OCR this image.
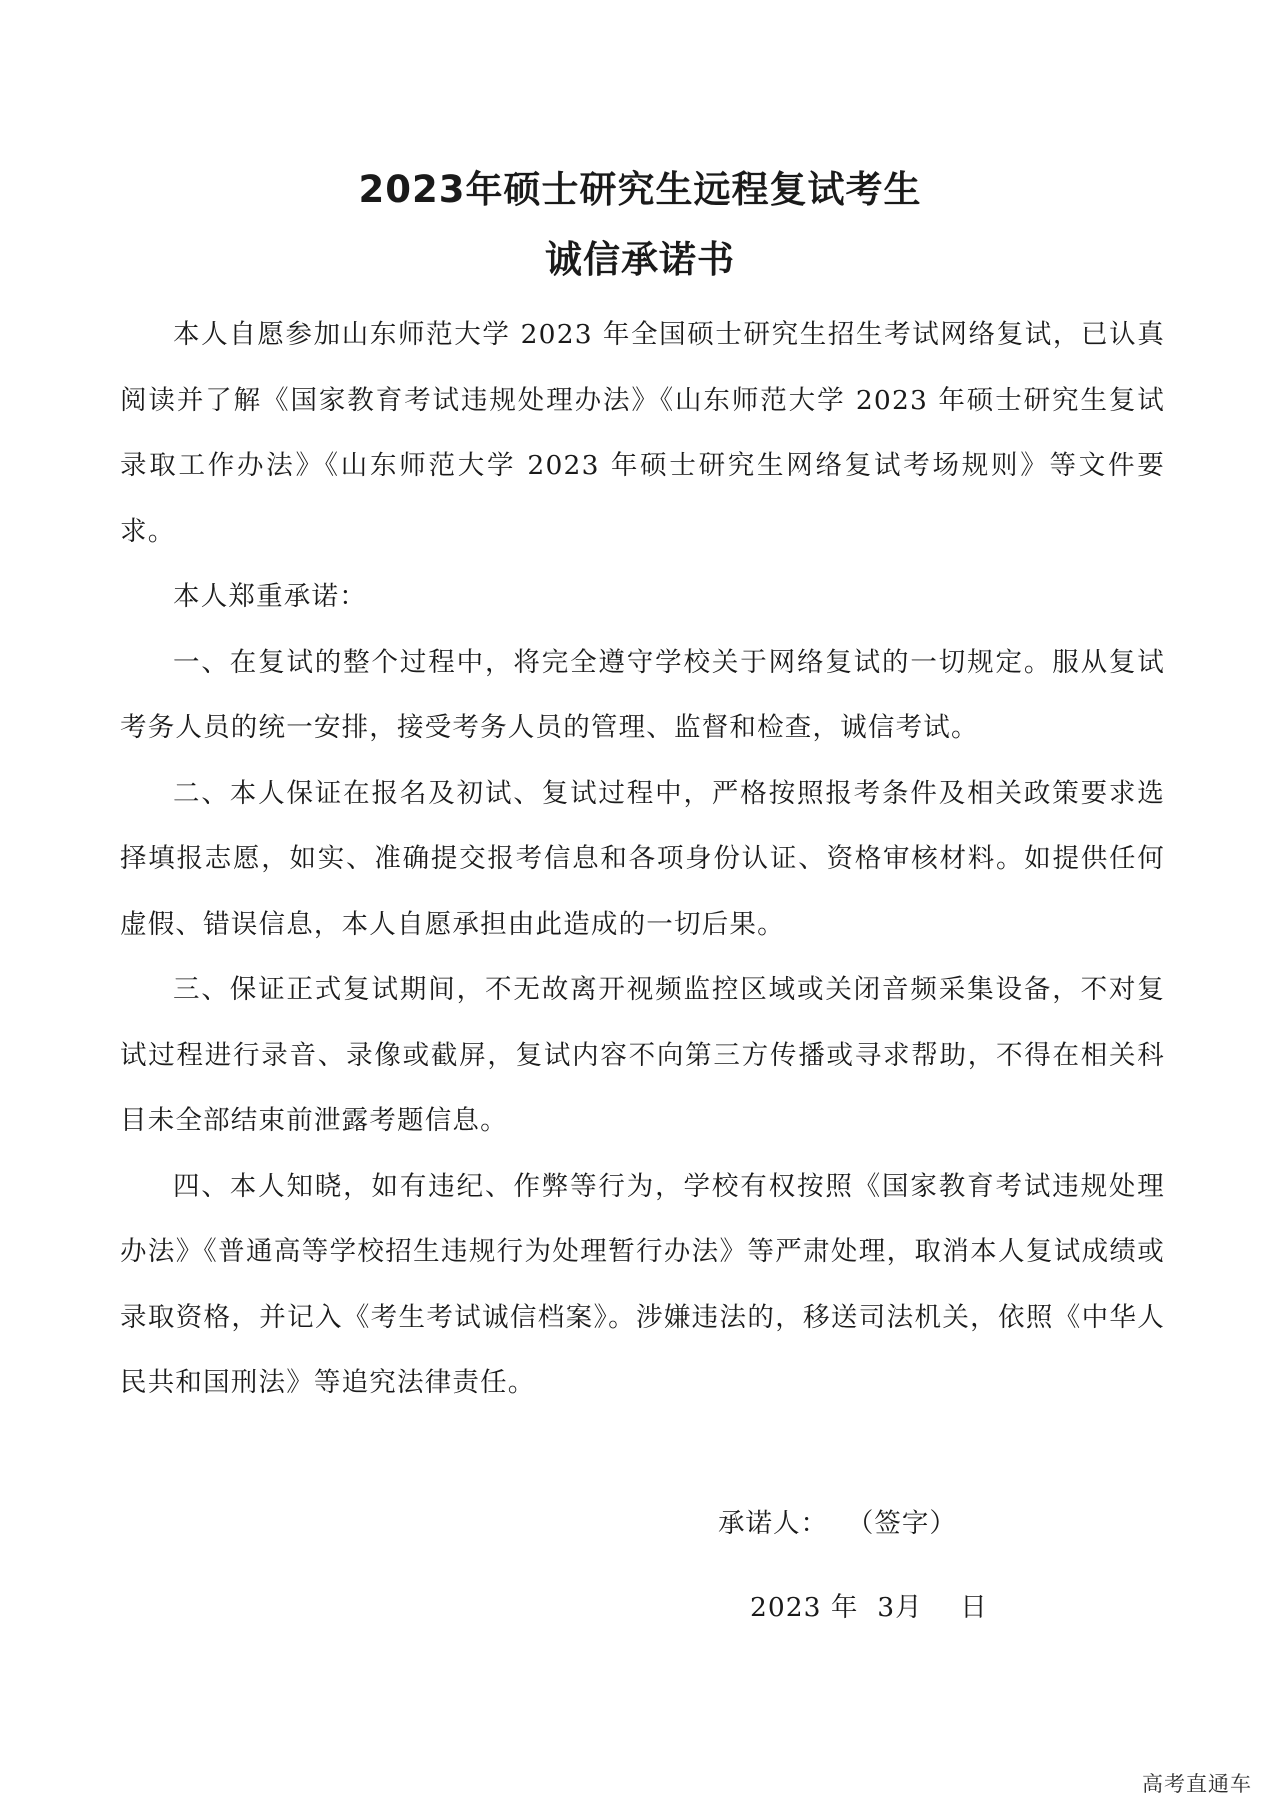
2023年硕士研究生远程复试考生
诚信承诺书

本人自愿参加山东师范大学 2023 年全国硕士研究生招生考试网络复试，已认真阅读并了解《国家教育考试违规处理办法》《山东师范大学 2023 年硕士研究生复试录取工作办法》《山东师范大学 2023 年硕士研究生网络复试考场规则》等文件要求。

本人郑重承诺：

一、在复试的整个过程中，将完全遵守学校关于网络复试的一切规定。服从复试考务人员的统一安排，接受考务人员的管理、监督和检查，诚信考试。

二、本人保证在报名及初试、复试过程中，严格按照报考条件及相关政策要求选择填报志愿，如实、准确提交报考信息和各项身份认证、资格审核材料。如提供任何虚假、错误信息，本人自愿承担由此造成的一切后果。

三、保证正式复试期间，不无故离开视频监控区域或关闭音频采集设备，不对复试过程进行录音、录像或截屏，复试内容不向第三方传播或寻求帮助，不得在相关科目未全部结束前泄露考题信息。

四、本人知晓，如有违纪、作弊等行为，学校有权按照《国家教育考试违规处理办法》《普通高等学校招生违规行为处理暂行办法》等严肃处理，取消本人复试成绩或录取资格，并记入《考生考试诚信档案》。涉嫌违法的，移送司法机关，依照《中华人民共和国刑法》等追究法律责任。

承诺人：  （签字）
2023 年  3月    日
高考直通车
